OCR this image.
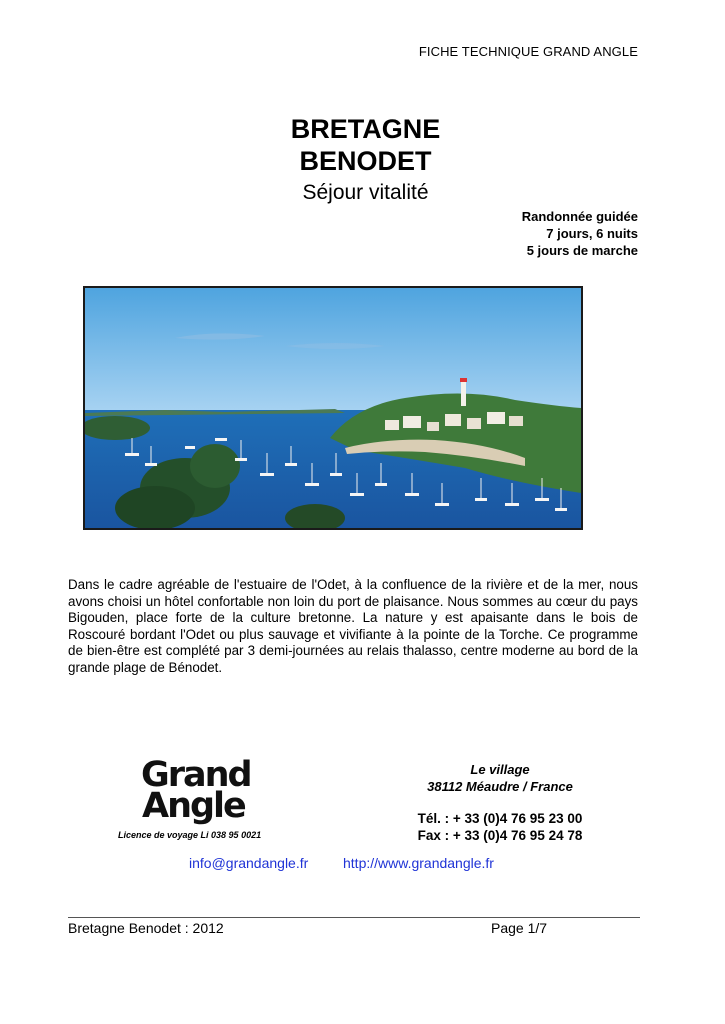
FICHE TECHNIQUE GRAND ANGLE
BRETAGNE
BENODET
Séjour vitalité
Randonnée guidée
7 jours, 6 nuits
5 jours de marche
Dans le cadre agréable de l'estuaire de l'Odet, à la confluence de la rivière et de la mer, nous avons choisi un hôtel confortable non loin du port de plaisance. Nous sommes au cœur du pays Bigouden, place forte de la culture bretonne. La nature y est apaisante dans le bois de Roscouré bordant l'Odet ou plus sauvage et vivifiante à la pointe de la Torche. Ce programme de bien-être est complété par 3 demi-journées au relais thalasso, centre moderne au bord de la grande plage de Bénodet.
Grand
Angle
Licence de voyage Li 038 95 0021
Le village
38112 Méaudre / France
Tél. : + 33 (0)4 76 95 23 00
Fax : + 33 (0)4 76 95 24 78
info@grandangle.fr http://www.grandangle.fr
Bretagne Benodet : 2012	Page 1/7
